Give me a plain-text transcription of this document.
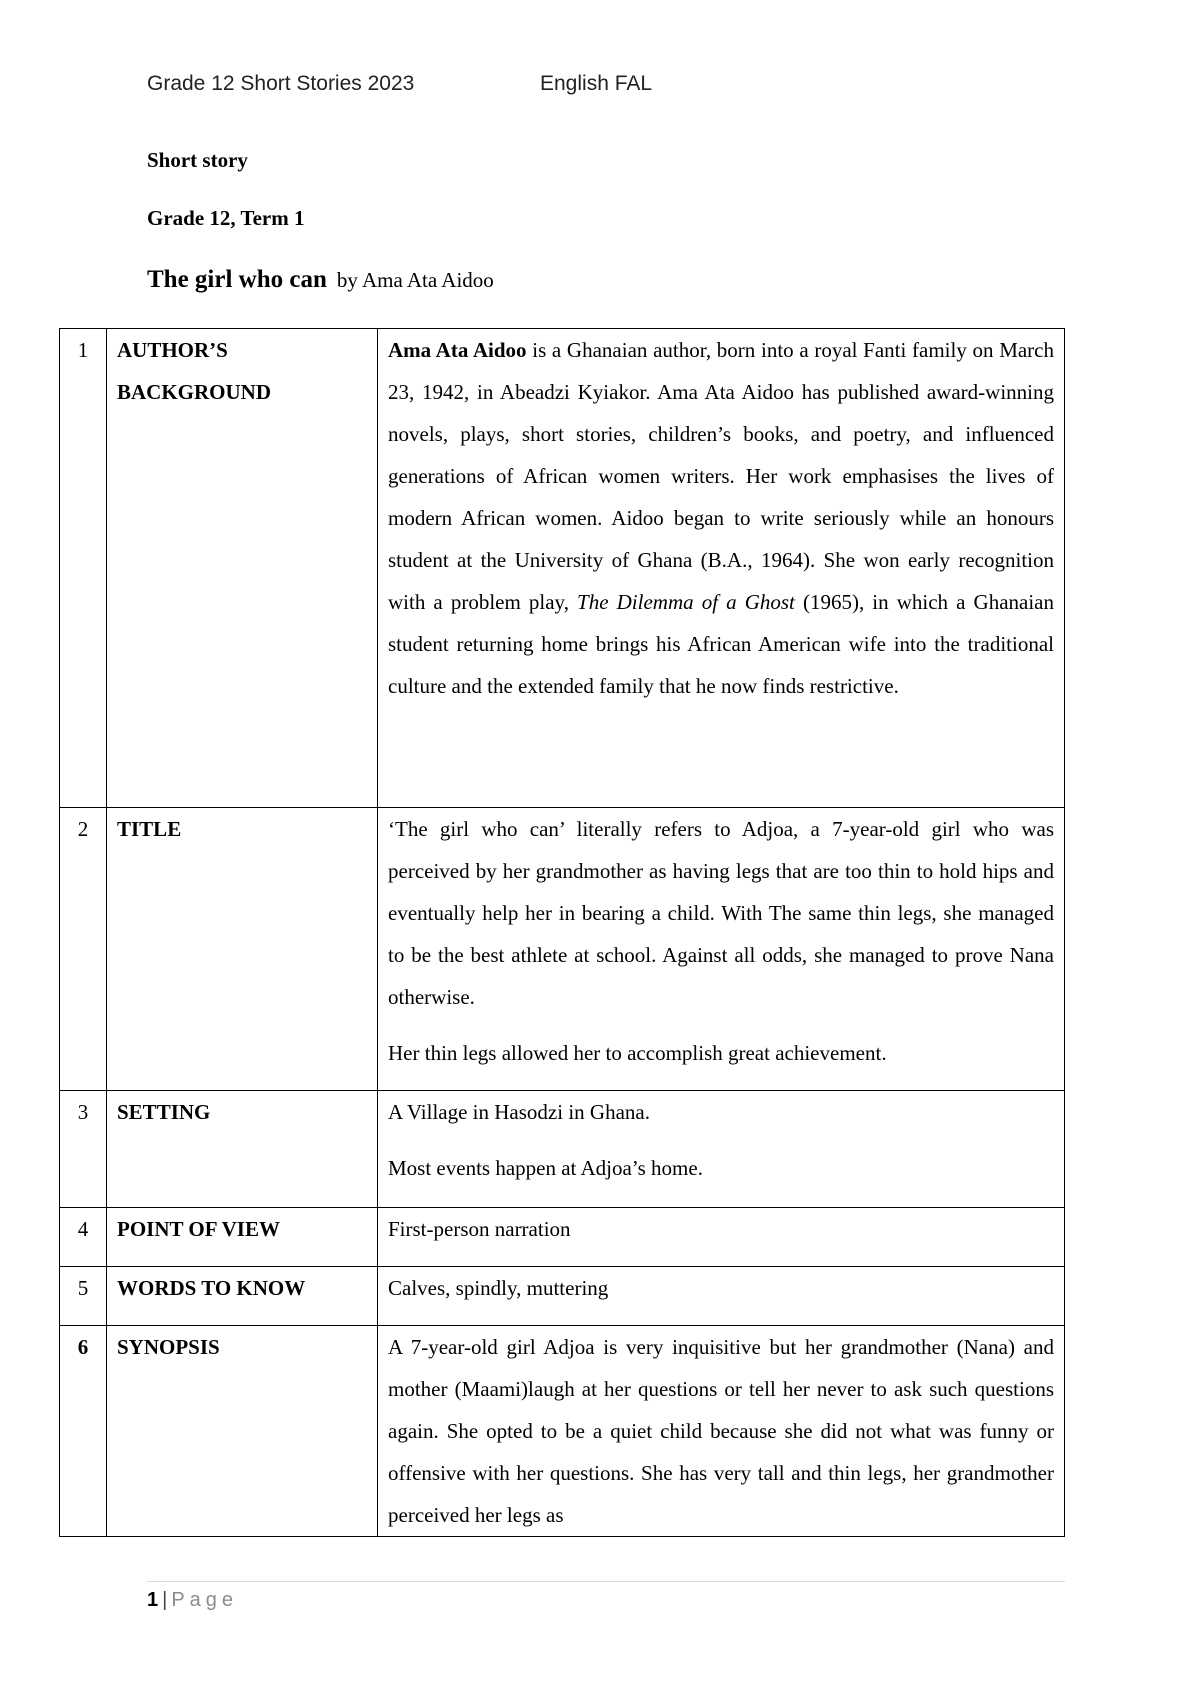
Grade 12 Short Stories 2023	English FAL
Short story
Grade 12, Term 1
The girl who can by Ama Ata Aidoo
1	AUTHOR’S BACKGROUND	Ama Ata Aidoo is a Ghanaian author, born into a royal Fanti family on March 23, 1942, in Abeadzi Kyiakor. Ama Ata Aidoo has published award-winning novels, plays, short stories, children’s books, and poetry, and influenced generations of African women writers. Her work emphasises the lives of modern African women. Aidoo began to write seriously while an honours student at the University of Ghana (B.A., 1964). She won early recognition with a problem play, The Dilemma of a Ghost (1965), in which a Ghanaian student returning home brings his African American wife into the traditional culture and the extended family that he now finds restrictive.

2	TITLE	‘The girl who can’ literally refers to Adjoa, a 7-year-old girl who was perceived by her grandmother as having legs that are too thin to hold hips and eventually help her in bearing a child. With The same thin legs, she managed to be the best athlete at school. Against all odds, she managed to prove Nana otherwise.

Her thin legs allowed her to accomplish great achievement.

3	SETTING	A Village in Hasodzi in Ghana.

Most events happen at Adjoa’s home.

4	POINT OF VIEW	First-person narration

5	WORDS TO KNOW	Calves, spindly, muttering

6	SYNOPSIS	A 7-year-old girl Adjoa is very inquisitive but her grandmother (Nana) and mother (Maami)laugh at her questions or tell her never to ask such questions again. She opted to be a quiet child because she did not what was funny or offensive with her questions. She has very tall and thin legs, her grandmother perceived her legs as

1 | Page
